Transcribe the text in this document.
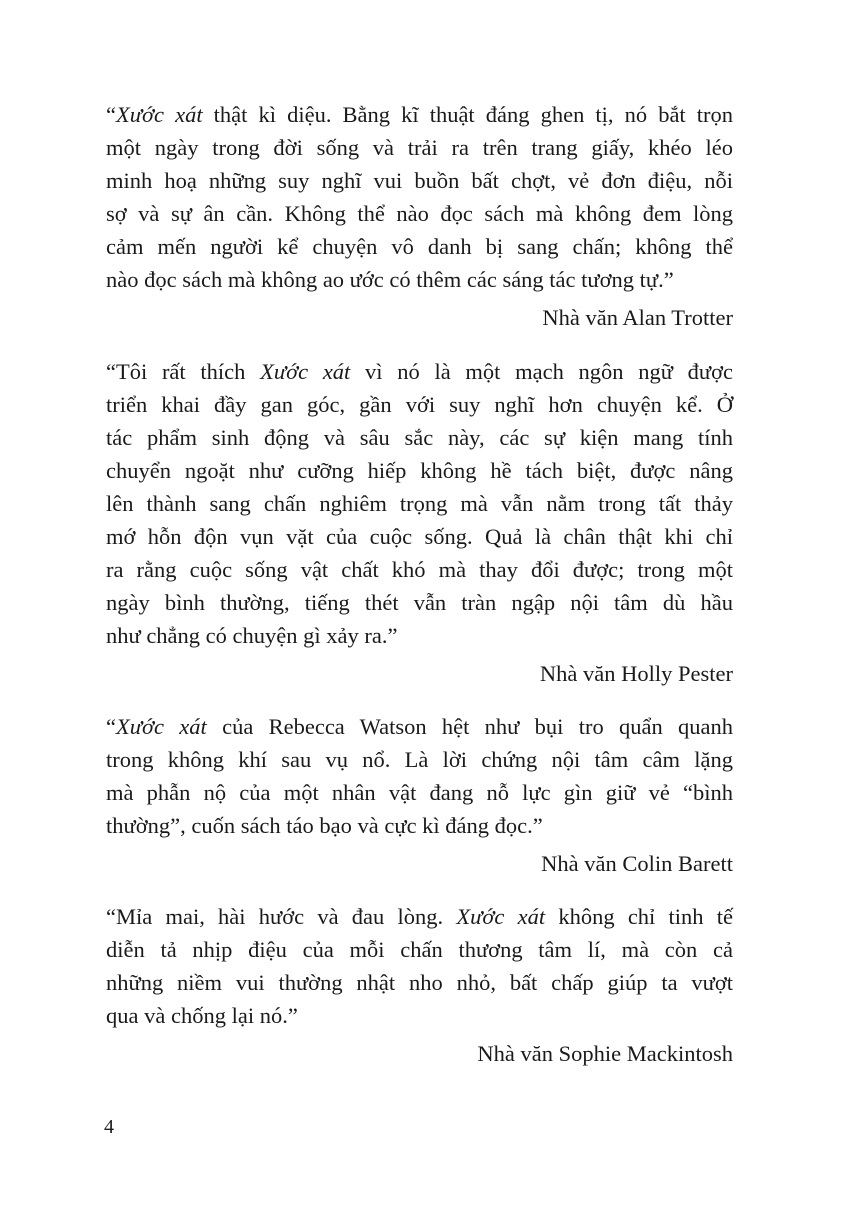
“Xước xát thật kì diệu. Bằng kĩ thuật đáng ghen tị, nó bắt trọn
một ngày trong đời sống và trải ra trên trang giấy, khéo léo
minh hoạ những suy nghĩ vui buồn bất chợt, vẻ đơn điệu, nỗi
sợ và sự ân cần. Không thể nào đọc sách mà không đem lòng
cảm mến người kể chuyện vô danh bị sang chấn; không thể
nào đọc sách mà không ao ước có thêm các sáng tác tương tự.”
Nhà văn Alan Trotter
“Tôi rất thích Xước xát vì nó là một mạch ngôn ngữ được
triển khai đầy gan góc, gần với suy nghĩ hơn chuyện kể. Ở
tác phẩm sinh động và sâu sắc này, các sự kiện mang tính
chuyển ngoặt như cưỡng hiếp không hề tách biệt, được nâng
lên thành sang chấn nghiêm trọng mà vẫn nằm trong tất thảy
mớ hỗn độn vụn vặt của cuộc sống. Quả là chân thật khi chỉ
ra rằng cuộc sống vật chất khó mà thay đổi được; trong một
ngày bình thường, tiếng thét vẫn tràn ngập nội tâm dù hầu
như chẳng có chuyện gì xảy ra.”
Nhà văn Holly Pester
“Xước xát của Rebecca Watson hệt như bụi tro quẩn quanh
trong không khí sau vụ nổ. Là lời chứng nội tâm câm lặng
mà phẫn nộ của một nhân vật đang nỗ lực gìn giữ vẻ “bình
thường”, cuốn sách táo bạo và cực kì đáng đọc.”
Nhà văn Colin Barett
“Mỉa mai, hài hước và đau lòng. Xước xát không chỉ tinh tế
diễn tả nhịp điệu của mỗi chấn thương tâm lí, mà còn cả
những niềm vui thường nhật nho nhỏ, bất chấp giúp ta vượt
qua và chống lại nó.”
Nhà văn Sophie Mackintosh
4
